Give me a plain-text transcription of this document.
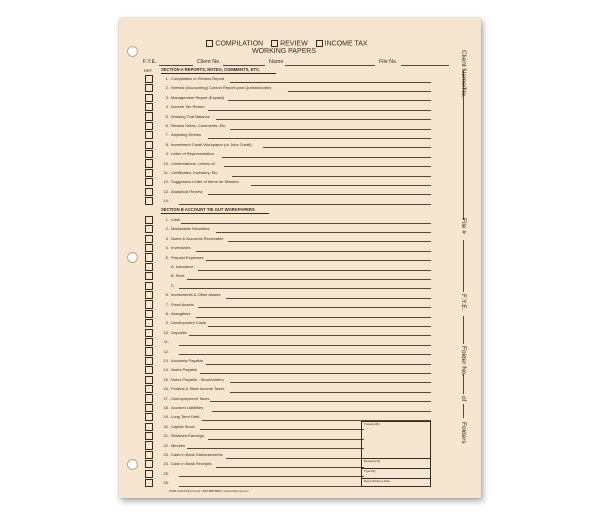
COMPILATION REVIEW INCOME TAX
WORKING PAPERS
F.Y.E.	Client No.	Name	File No.
REF. SECTION A REPORTS, NOTES, COMMENTS, ETC.
1. Compilation or Review Report
2. Internal (Accounting) Control Report (and Questionnaire)
3. Management Report (Explain)
4. Income Tax Return
5. Working Trial Balance
6. Review Notes, Comments, Etc.
7. Adjusting Entries
8. Investment Credit Workpaper (or Jobs Credit)
9. Letter of Representation
10. Confirmations, Letters of
11. Certificates, Inventory, Etc.
12. Suggestion Letter of Items for Minutes
13. Analytical Review
14.
SECTION B ACCOUNT TIE OUT WORKPAPERS
1. Cash
2. Marketable Securities
3. Notes & Accounts Receivable
4. Inventories
5. Prepaid Expenses
A. Insurance
B. Rent
C.
6. Investments & Other Assets
7. Fixed Assets
8. Intangibles
9. Development Costs
10. Deposits
11.
12.
13. Accounts Payable
14. Notes Payable
15. Notes Payable - Stockholders
16. Federal & State Income Taxes
17. Unemployment Taxes
18. Accrued Liabilities
19. Long Term Debt
20. Capital Stock
21. Retained Earnings
22. Minutes
23. Cash in Bank Disbursements
24. Cash in Bank Receipts
25.
26.
Client Name/No.
File #
F.Y.E.
Folder No.
of
Folders
Prepared By
Reviewed By
Typed By
Report Delivery Date
WSR-C1110 HQ Forms • 800-888-8800 • www.hqforms.com
